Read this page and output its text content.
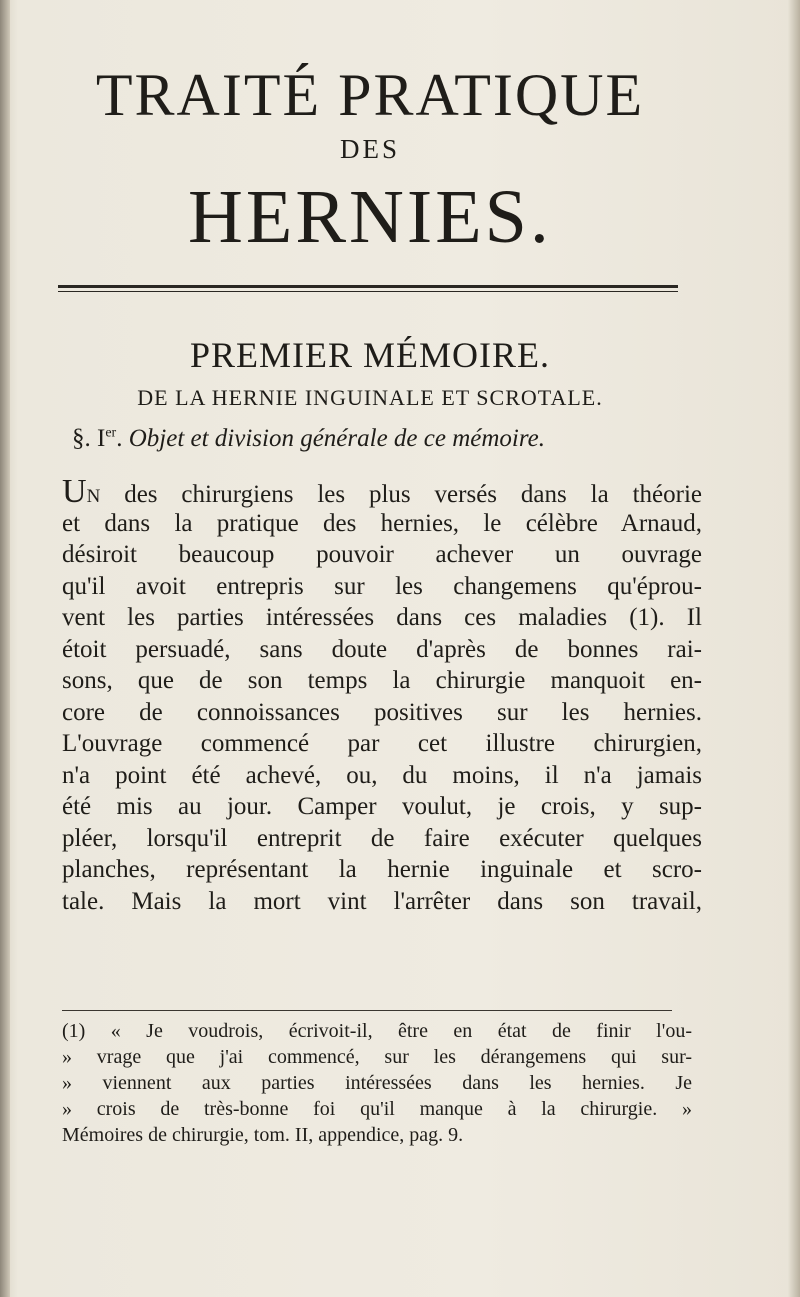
TRAITÉ PRATIQUE
DES
HERNIES.
PREMIER MÉMOIRE.
DE LA HERNIE INGUINALE ET SCROTALE.
§. Ier. Objet et division générale de ce mémoire.
UN des chirurgiens les plus versés dans la théorie
et dans la pratique des hernies, le célèbre Arnaud,
désiroit beaucoup pouvoir achever un ouvrage
qu'il avoit entrepris sur les changemens qu'éprou-
vent les parties intéressées dans ces maladies (1). Il
étoit persuadé, sans doute d'après de bonnes rai-
sons, que de son temps la chirurgie manquoit en-
core de connoissances positives sur les hernies.
L'ouvrage commencé par cet illustre chirurgien,
n'a point été achevé, ou, du moins, il n'a jamais
été mis au jour. Camper voulut, je crois, y sup-
pléer, lorsqu'il entreprit de faire exécuter quelques
planches, représentant la hernie inguinale et scro-
tale. Mais la mort vint l'arrêter dans son travail,
(1) « Je voudrois, écrivoit-il, être en état de finir l'ou-
» vrage que j'ai commencé, sur les dérangemens qui sur-
» viennent aux parties intéressées dans les hernies. Je
» crois de très-bonne foi qu'il manque à la chirurgie. »
Mémoires de chirurgie, tom. II, appendice, pag. 9.
